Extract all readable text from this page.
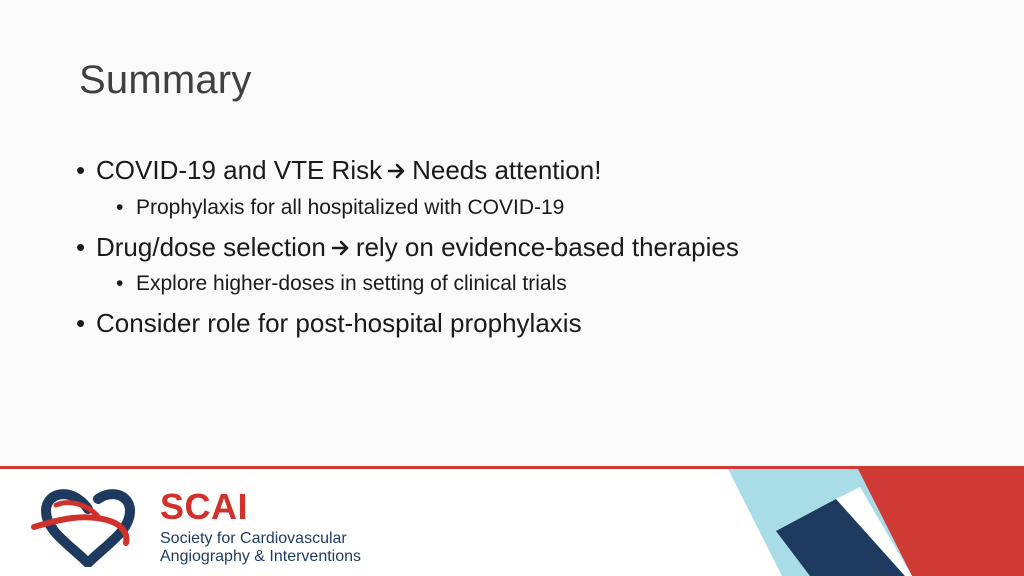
Summary
• COVID-19 and VTE Risk Needs attention!
• Prophylaxis for all hospitalized with COVID-19
• Drug/dose selection rely on evidence-based therapies
• Explore higher-doses in setting of clinical trials
• Consider role for post-hospital prophylaxis
SCAI
Society for Cardiovascular
Angiography & Interventions
